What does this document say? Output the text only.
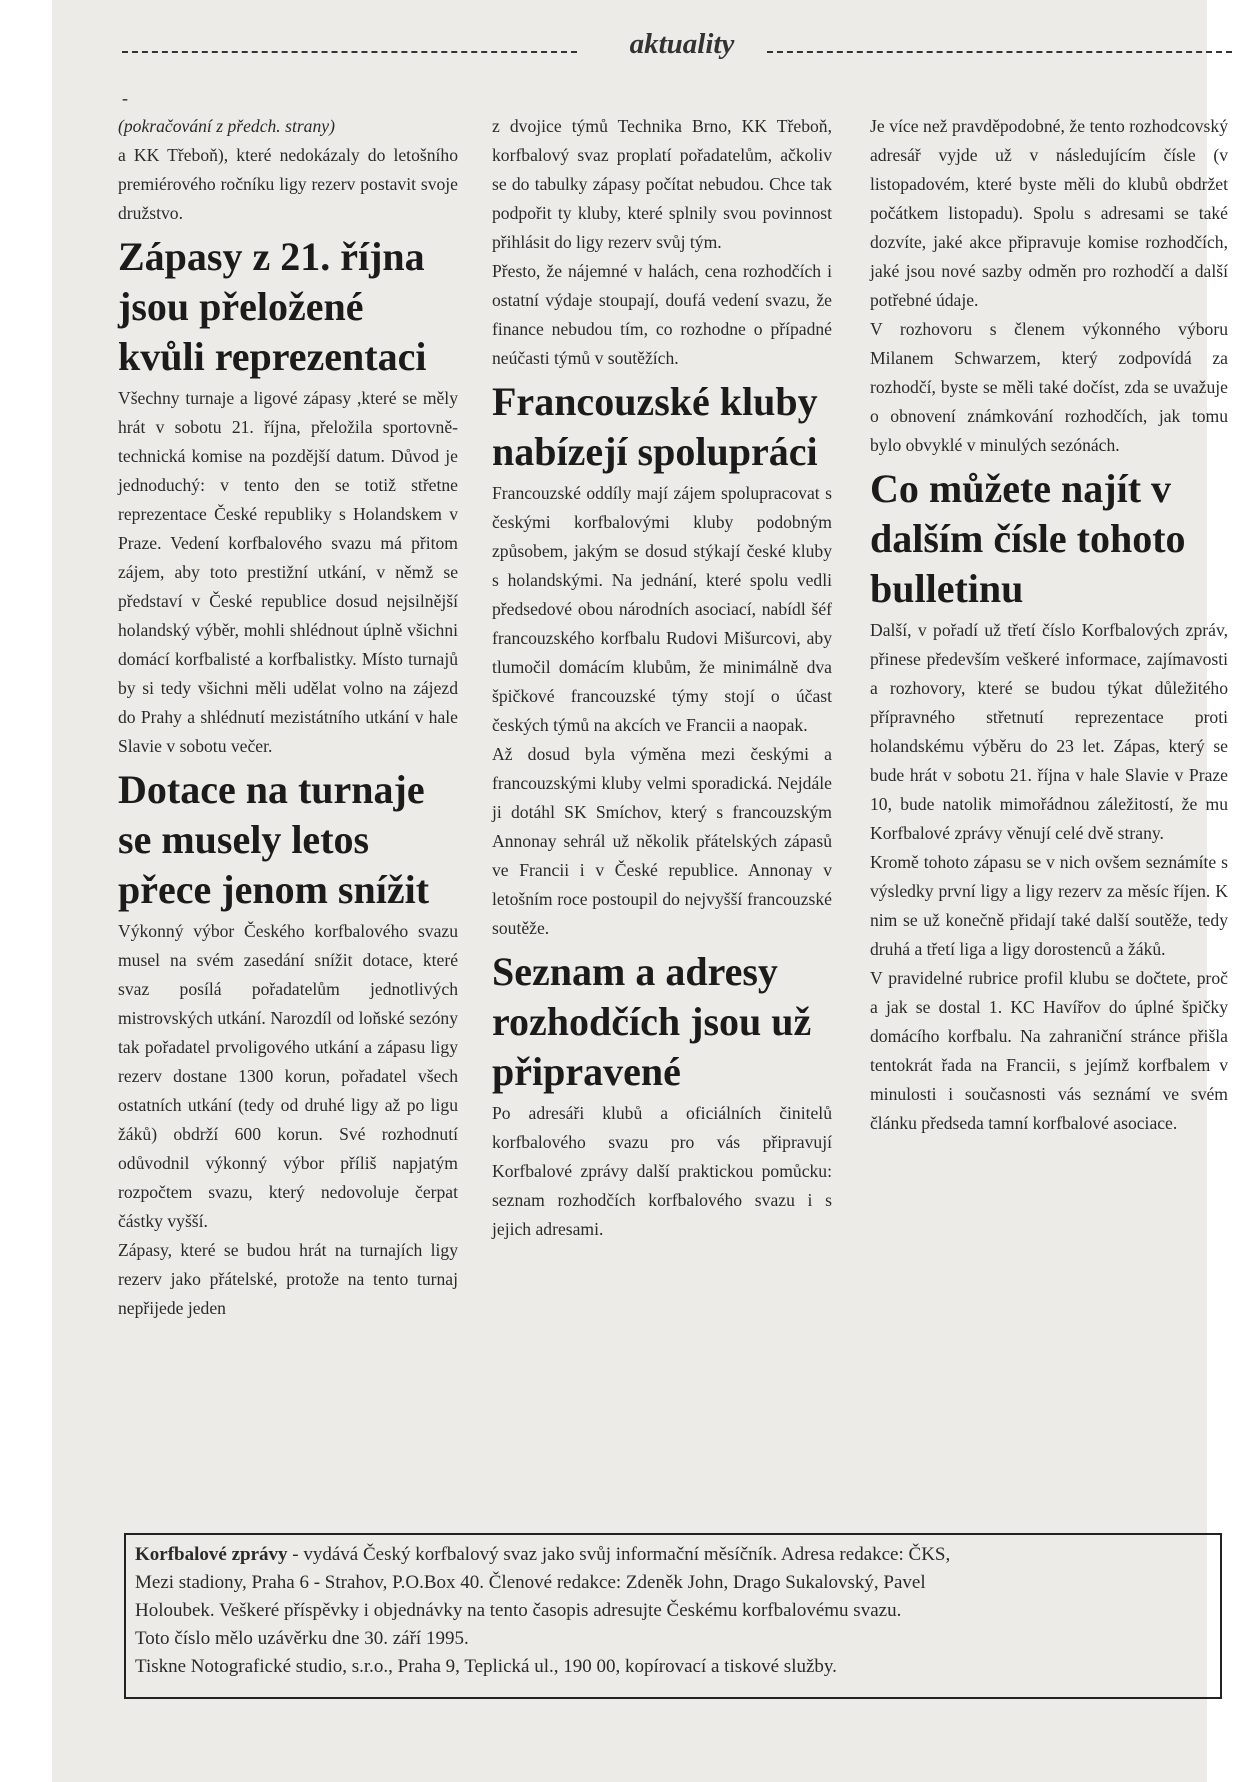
aktuality
-

(pokračování z předch. strany)

a KK Třeboň), které nedokázaly do letošního premiérového ročníku ligy rezerv postavit svoje družstvo.

Zápasy z 21. října jsou přeložené kvůli reprezentaci

Všechny turnaje a ligové zápasy ,které se měly hrát v sobotu 21. října, přeložila sportovně-technická komise na pozdější datum. Důvod je jednoduchý: v tento den se totiž střetne reprezentace České republiky s Holandskem v Praze. Vedení korfbalového svazu má přitom zájem, aby toto prestižní utkání, v němž se představí v České republice dosud nejsilnější holandský výběr, mohli shlédnout úplně všichni domácí korfbalisté a korfbalistky. Místo turnajů by si tedy všichni měli udělat volno na zájezd do Prahy a shlédnutí mezistátního utkání v hale Slavie v sobotu večer.

Dotace na turnaje se musely letos přece jenom snížit

Výkonný výbor Českého korfbalového svazu musel na svém zasedání snížit dotace, které svaz posílá pořadatelům jednotlivých mistrovských utkání. Narozdíl od loňské sezóny tak pořadatel prvoligového utkání a zápasu ligy rezerv dostane 1300 korun, pořadatel všech ostatních utkání (tedy od druhé ligy až po ligu žáků) obdrží 600 korun. Své rozhodnutí odůvodnil výkonný výbor příliš napjatým rozpočtem svazu, který nedovoluje čerpat částky vyšší.

Zápasy, které se budou hrát na turnajích ligy rezerv jako přátelské, protože na tento turnaj nepřijede jeden

z dvojice týmů Technika Brno, KK Třeboň, korfbalový svaz proplatí pořadatelům, ačkoliv se do tabulky zápasy počítat nebudou. Chce tak podpořit ty kluby, které splnily svou povinnost přihlásit do ligy rezerv svůj tým.

Přesto, že nájemné v halách, cena rozhodčích i ostatní výdaje stoupají, doufá vedení svazu, že finance nebudou tím, co rozhodne o případné neúčasti týmů v soutěžích.

Francouzské kluby nabízejí spolupráci

Francouzské oddíly mají zájem spolupracovat s českými korfbalovými kluby podobným způsobem, jakým se dosud stýkají české kluby s holandskými. Na jednání, které spolu vedli předsedové obou národních asociací, nabídl šéf francouzského korfbalu Rudovi Mišurcovi, aby tlumočil domácím klubům, že minimálně dva špičkové francouzské týmy stojí o účast českých týmů na akcích ve Francii a naopak.

Až dosud byla výměna mezi českými a francouzskými kluby velmi sporadická. Nejdále ji dotáhl SK Smíchov, který s francouzským Annonay sehrál už několik přátelských zápasů ve Francii i v České republice. Annonay v letošním roce postoupil do nejvyšší francouzské soutěže.

Seznam a adresy rozhodčích jsou už připravené

Po adresáři klubů a oficiálních činitelů korfbalového svazu pro vás připravují Korfbalové zprávy další praktickou pomůcku: seznam rozhodčích korfbalového svazu i s jejich adresami.

Je více než pravděpodobné, že tento rozhodcovský adresář vyjde už v následujícím čísle (v listopadovém, které byste měli do klubů obdržet počátkem listopadu). Spolu s adresami se také dozvíte, jaké akce připravuje komise rozhodčích, jaké jsou nové sazby odměn pro rozhodčí a další potřebné údaje.

V rozhovoru s členem výkonného výboru Milanem Schwarzem, který zodpovídá za rozhodčí, byste se měli také dočíst, zda se uvažuje o obnovení známkování rozhodčích, jak tomu bylo obvyklé v minulých sezónách.

Co můžete najít v dalším čísle tohoto bulletinu

Další, v pořadí už třetí číslo Korfbalových zpráv, přinese především veškeré informace, zajímavosti a rozhovory, které se budou týkat důležitého přípravného střetnutí reprezentace proti holandskému výběru do 23 let. Zápas, který se bude hrát v sobotu 21. října v hale Slavie v Praze 10, bude natolik mimořádnou záležitostí, že mu Korfbalové zprávy věnují celé dvě strany.

Kromě tohoto zápasu se v nich ovšem seznámíte s výsledky první ligy a ligy rezerv za měsíc říjen. K nim se už konečně přidají také další soutěže, tedy druhá a třetí liga a ligy dorostenců a žáků.

V pravidelné rubrice profil klubu se dočtete, proč a jak se dostal 1. KC Havířov do úplné špičky domácího korfbalu. Na zahraniční stránce přišla tentokrát řada na Francii, s jejímž korfbalem v minulosti i současnosti vás seznámí ve svém článku předseda tamní korfbalové asociace.

Korfbalové zprávy - vydává Český korfbalový svaz jako svůj informační měsíčník. Adresa redakce: ČKS,

Mezi stadiony, Praha 6 - Strahov, P.O.Box 40. Členové redakce: Zdeněk John, Drago Sukalovský, Pavel

Holoubek. Veškeré příspěvky i objednávky na tento časopis adresujte Českému korfbalovému svazu.

Toto číslo mělo uzávěrku dne 30. září 1995.

Tiskne Notografické studio, s.r.o., Praha 9, Teplická ul., 190 00, kopírovací a tiskové služby.
